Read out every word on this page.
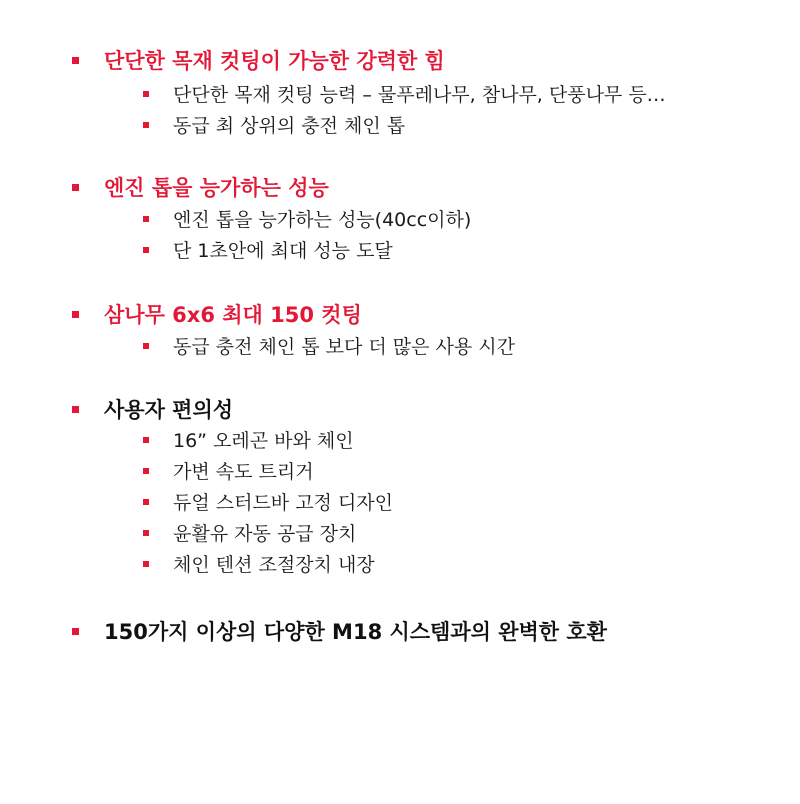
단단한 목재 컷팅이 가능한 강력한 힘
단단한 목재 컷팅 능력 – 물푸레나무, 참나무, 단풍나무 등…
동급 최 상위의 충전 체인 톱
엔진 톱을 능가하는 성능
엔진 톱을 능가하는 성능(40cc이하)
단 1초안에 최대 성능 도달
삼나무 6x6 최대 150 컷팅
동급 충전 체인 톱 보다 더 많은 사용 시간
사용자 편의성
16” 오레곤 바와 체인
가변 속도 트리거
듀얼 스터드바 고정 디자인
윤활유 자동 공급 장치
체인 텐션 조절장치 내장
150가지 이상의 다양한 M18 시스템과의 완벽한 호환
